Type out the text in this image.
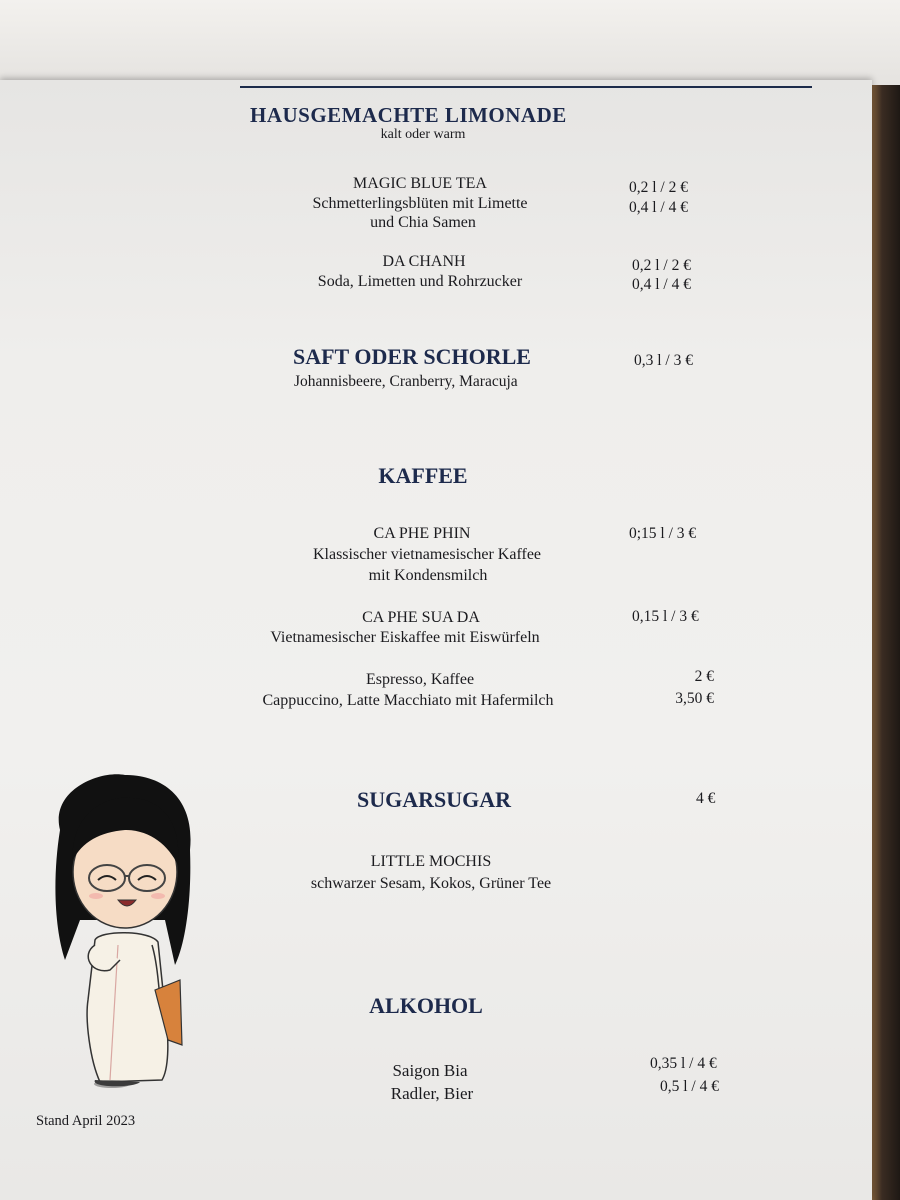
HAUSGEMACHTE LIMONADE
kalt oder warm
MAGIC BLUE TEA
Schmetterlingsblüten mit Limette
und Chia Samen
0,2 l / 2 €
0,4 l / 4 €
DA CHANH
Soda, Limetten und Rohrzucker
0,2 l / 2 €
0,4 l / 4 €
SAFT ODER SCHORLE
Johannisbeere, Cranberry, Maracuja
0,3 l / 3 €
KAFFEE
CA PHE PHIN
Klassischer vietnamesischer Kaffee
mit Kondensmilch
0;15 l / 3 €
CA PHE SUA DA
Vietnamesischer Eiskaffee mit Eiswürfeln
0,15 l / 3 €
Espresso, Kaffee
Cappuccino, Latte Macchiato mit Hafermilch
2 €
3,50 €
SUGARSUGAR	4 €
LITTLE MOCHIS
schwarzer Sesam, Kokos, Grüner Tee
ALKOHOL
Saigon Bia
Radler, Bier
0,35 l / 4 €
0,5 l / 4 €
Stand April 2023
